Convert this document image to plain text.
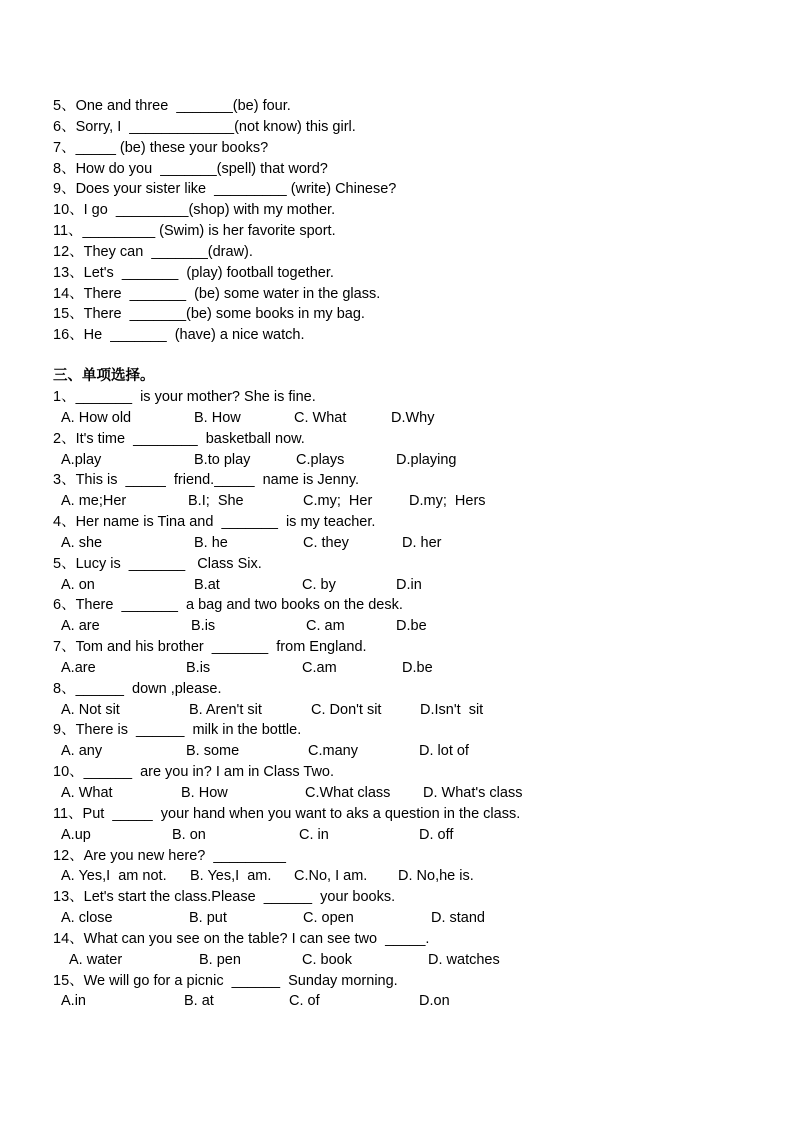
5、One and three  _______(be) four.
6、Sorry, I  _____________(not know) this girl.
7、_____ (be) these your books?
8、How do you  _______(spell) that word?
9、Does your sister like  _________ (write) Chinese?
10、I go  _________(shop) with my mother.
11、_________ (Swim) is her favorite sport.
12、They can  _______(draw).
13、Let's  _______  (play) football together.
14、There  _______  (be) some water in the glass.
15、There  _______(be) some books in my bag.
16、He  _______  (have) a nice watch.
三、单项选择。
1、_______  is your mother? She is fine.
A. How old	B. How	C. What	D.Why
2、It's time  ________  basketball now.
A.play	B.to play	C.plays	D.playing
3、This is  _____  friend._____  name is Jenny.
A. me;Her	B.I;  She	C.my;  Her	D.my;  Hers
4、Her name is Tina and  _______  is my teacher.
A. she	B. he	C. they	D. her
5、Lucy is  _______   Class Six.
A. on	B.at	C. by	D.in
6、There  _______  a bag and two books on the desk.
A. are	B.is	C. am	D.be
7、Tom and his brother  _______  from England.
A.are	B.is	C.am	D.be
8、______  down ,please.
A. Not sit	B. Aren't sit	C. Don't sit	D.Isn't  sit
9、There is  ______  milk in the bottle.
A. any	B. some	C.many	D. lot of
10、______  are you in? I am in Class Two.
A. What	B. How	C.What class D. What's class
11、Put  _____  your hand when you want to aks a question in the class.
A.up	B. on	C. in	D. off
12、Are you new here?  _________
A. Yes,I  am not. B. Yes,I  am. C.No, I am. D. No,he is.
13、Let's start the class.Please  ______  your books.
A. close	B. put	C. open	D. stand
14、What can you see on the table? I can see two  _____.
A. water	B. pen	C. book	D. watches
15、We will go for a picnic  ______  Sunday morning.
A.in	B. at	C. of	D.on
